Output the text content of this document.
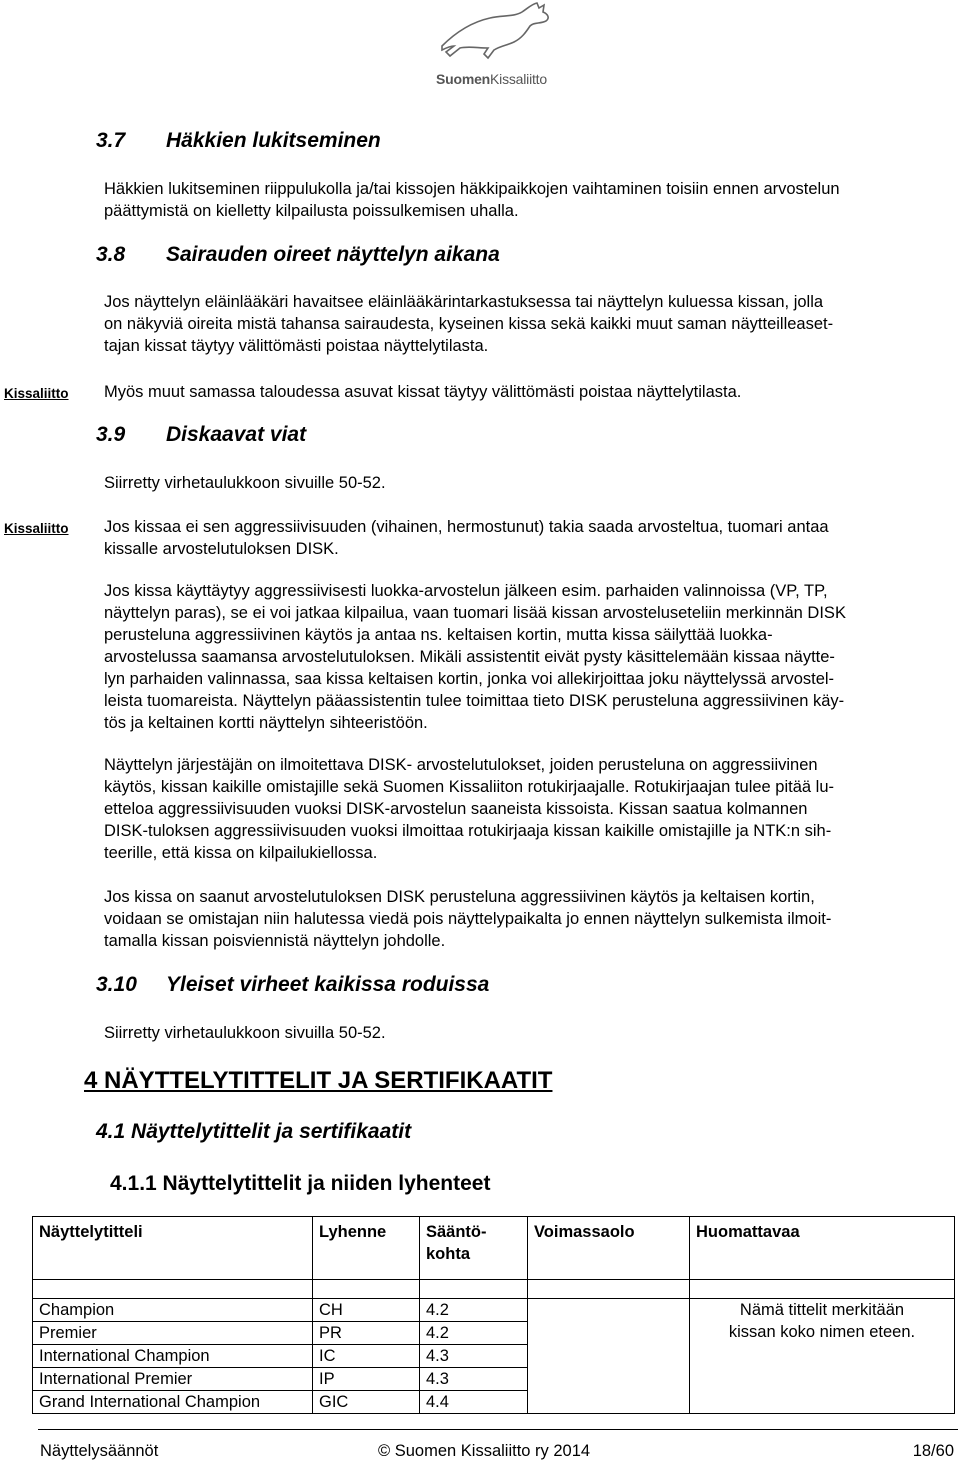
SuomenKissaliitto
3.7 Häkkien lukitseminen
Häkkien lukitseminen riippulukolla ja/tai kissojen häkkipaikkojen vaihtaminen toisiin ennen arvostelun
päättymistä on kielletty kilpailusta poissulkemisen uhalla.
3.8 Sairauden oireet näyttelyn aikana
Jos näyttelyn eläinlääkäri havaitsee eläinlääkärintarkastuksessa tai näyttelyn kuluessa kissan, jolla
on näkyviä oireita mistä tahansa sairaudesta, kyseinen kissa sekä kaikki muut saman näytteilleaset-
tajan kissat täytyy välittömästi poistaa näyttelytilasta.
Kissaliitto Myös muut samassa taloudessa asuvat kissat täytyy välittömästi poistaa näyttelytilasta.
3.9 Diskaavat viat
Siirretty virhetaulukkoon sivuille 50-52.
Kissaliitto Jos kissaa ei sen aggressiivisuuden (vihainen, hermostunut) takia saada arvosteltua, tuomari antaa
kissalle arvostelutuloksen DISK.
Jos kissa käyttäytyy aggressiivisesti luokka-arvostelun jälkeen esim. parhaiden valinnoissa (VP, TP,
näyttelyn paras), se ei voi jatkaa kilpailua, vaan tuomari lisää kissan arvosteluseteliin merkinnän DISK
perusteluna aggressiivinen käytös ja antaa ns. keltaisen kortin, mutta kissa säilyttää luokka-
arvostelussa saamansa arvostelutuloksen. Mikäli assistentit eivät pysty käsittelemään kissaa näytte-
lyn parhaiden valinnassa, saa kissa keltaisen kortin, jonka voi allekirjoittaa joku näyttelyssä arvostel-
leista tuomareista. Näyttelyn pääassistentin tulee toimittaa tieto DISK perusteluna aggressiivinen käy-
tös ja keltainen kortti näyttelyn sihteeristöön.
Näyttelyn järjestäjän on ilmoitettava DISK- arvostelutulokset, joiden perusteluna on aggressiivinen
käytös, kissan kaikille omistajille sekä Suomen Kissaliiton rotukirjaajalle. Rotukirjaajan tulee pitää lu-
etteloa aggressiivisuuden vuoksi DISK-arvostelun saaneista kissoista. Kissan saatua kolmannen
DISK-tuloksen aggressiivisuuden vuoksi ilmoittaa rotukirjaaja kissan kaikille omistajille ja NTK:n sih-
teerille, että kissa on kilpailukiellossa.
Jos kissa on saanut arvostelutuloksen DISK perusteluna aggressiivinen käytös ja keltaisen kortin,
voidaan se omistajan niin halutessa viedä pois näyttelypaikalta jo ennen näyttelyn sulkemista ilmoit-
tamalla kissan poisviennistä näyttelyn johdolle.
3.10 Yleiset virheet kaikissa roduissa
Siirretty virhetaulukkoon sivuilla 50-52.
4 NÄYTTELYTITTELIT JA SERTIFIKAATIT
4.1 Näyttelytittelit ja sertifikaatit
4.1.1 Näyttelytittelit ja niiden lyhenteet
Näyttelytitteli	Lyhenne	Sääntö-
kohta	Voimassaolo	Huomattavaa

Champion	CH	4.2		Nämä tittelit merkitään
kissan koko nimen eteen.
Premier	PR	4.2		
International Champion	IC	4.3		
International Premier	IP	4.3		
Grand International Champion	GIC	4.4		
Näyttelysäännöt	© Suomen Kissaliitto ry 2014	18/60
